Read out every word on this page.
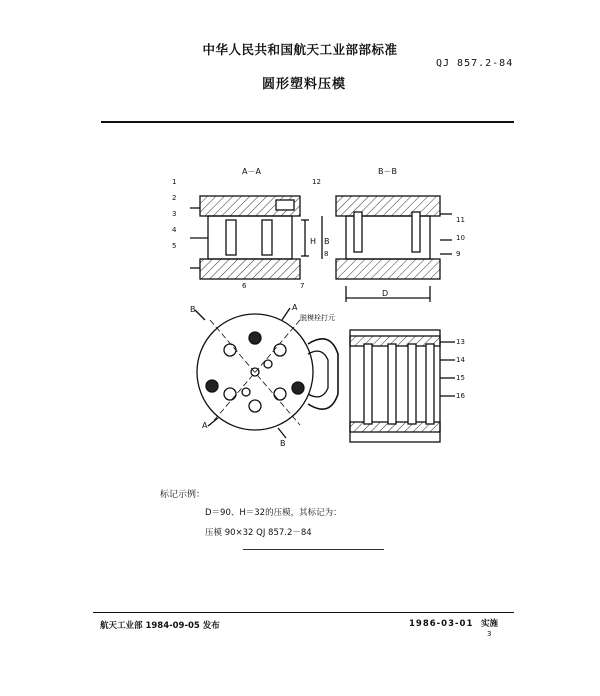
中华人民共和国航天工业部部标准
QJ 857.2-84
圆形塑料压模
A－A	B－B
H B
D
脱模栓打元
B	A
A
B
1
2
3
4
5
6	7
8	9
10
11
12
13
14
15
16
标记示例：
D＝90、H＝32的压模，其标记为：
压模 90×32 QJ 857.2－84
航天工业部 1984-09-05 发布	1986-03-01 实施
3
